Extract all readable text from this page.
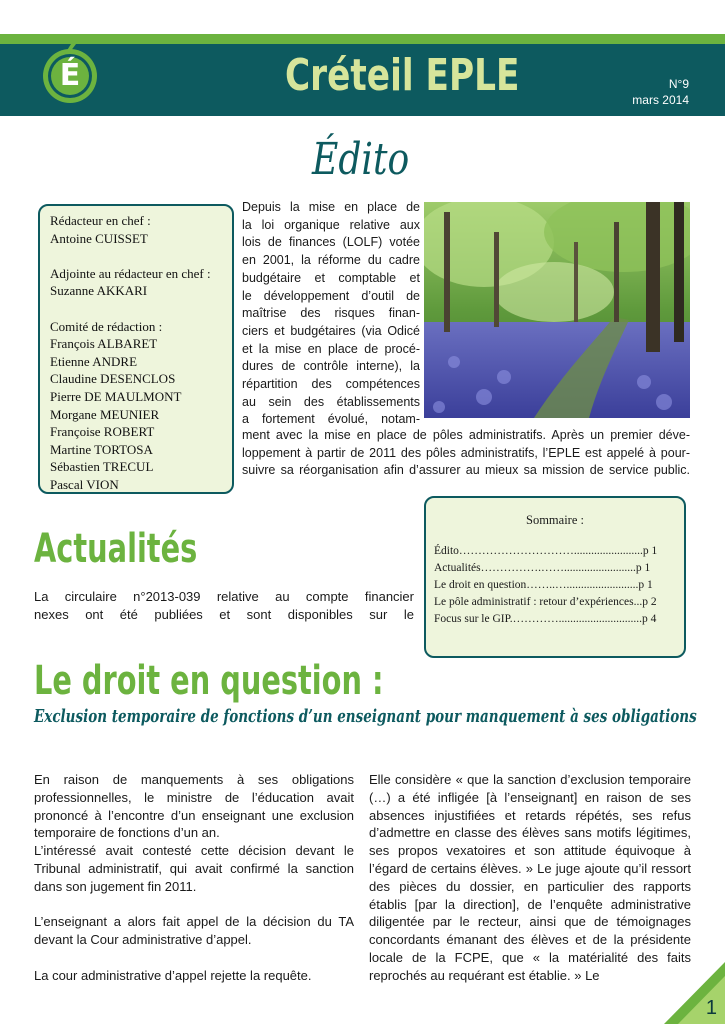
É	Créteil EPLE	N°9
mars 2014
Édito

Rédacteur en chef :

Antoine CUISSET

Adjointe au rédacteur en chef :

Suzanne AKKARI

Comité de rédaction :

François ALBARET

Etienne ANDRE

Claudine DESENCLOS

Pierre DE MAULMONT

Morgane MEUNIER

Françoise ROBERT

Martine TORTOSA

Sébastien TRECUL

Pascal VION

Depuis la mise en place de
la loi organique relative aux
lois de finances (LOLF) votée
en 2001, la réforme du cadre
budgétaire et comptable et
le développement d’outil de
maîtrise des risques finan-
ciers et budgétaires (via Odicé
et la mise en place de procé-
dures de contrôle interne), la
répartition des compétences
au sein des établissements
a fortement évolué, notam-
ment avec la mise en place de pôles administratifs. Après un premier déve-
loppement à partir de 2011 des pôles administratifs, l’EPLE est appelé à pour-
suivre sa réorganisation afin d’assurer au mieux sa mission de service public.
Actualités
La circulaire n°2013-039 relative au compte financier
nexes ont été publiées et sont disponibles sur le
Sommaire :
Édito…………………………........................p 1
Actualités…………….…….........................p 1
Le droit en question……..….........................p 1
Le pôle administratif : retour d’expériences...p 2
Focus sur le GIP.………….............................p 4
Le droit en question :
Exclusion temporaire de fonctions d’un enseignant pour manquement à ses obligations

En raison de manquements à ses obligations professionnelles, le ministre de l’éducation avait prononcé à l’encontre d’un enseignant une exclusion temporaire de fonctions d’un an.

L’intéressé avait contesté cette décision devant le Tribunal administratif, qui avait confirmé la sanction dans son jugement fin 2011.

L’enseignant a alors fait appel de la décision du TA devant la Cour administrative d’appel.

La cour administrative d’appel rejette la requête.

Elle considère « que la sanction d’exclusion temporaire (…) a été infligée [à l’enseignant] en raison de ses absences injustifiées et retards répétés, ses refus d’admettre en classe des élèves sans motifs légitimes, ses propos vexatoires et son attitude équivoque à l’égard de certains élèves. » Le juge ajoute qu’il ressort des pièces du dossier, en particulier des rapports établis [par la direction], de l’enquête administrative diligentée par le recteur, ainsi que de témoignages concordants émanant des élèves et de la présidente locale de la FCPE, que « la matérialité des faits reprochés au requérant est établie. » Le
1
